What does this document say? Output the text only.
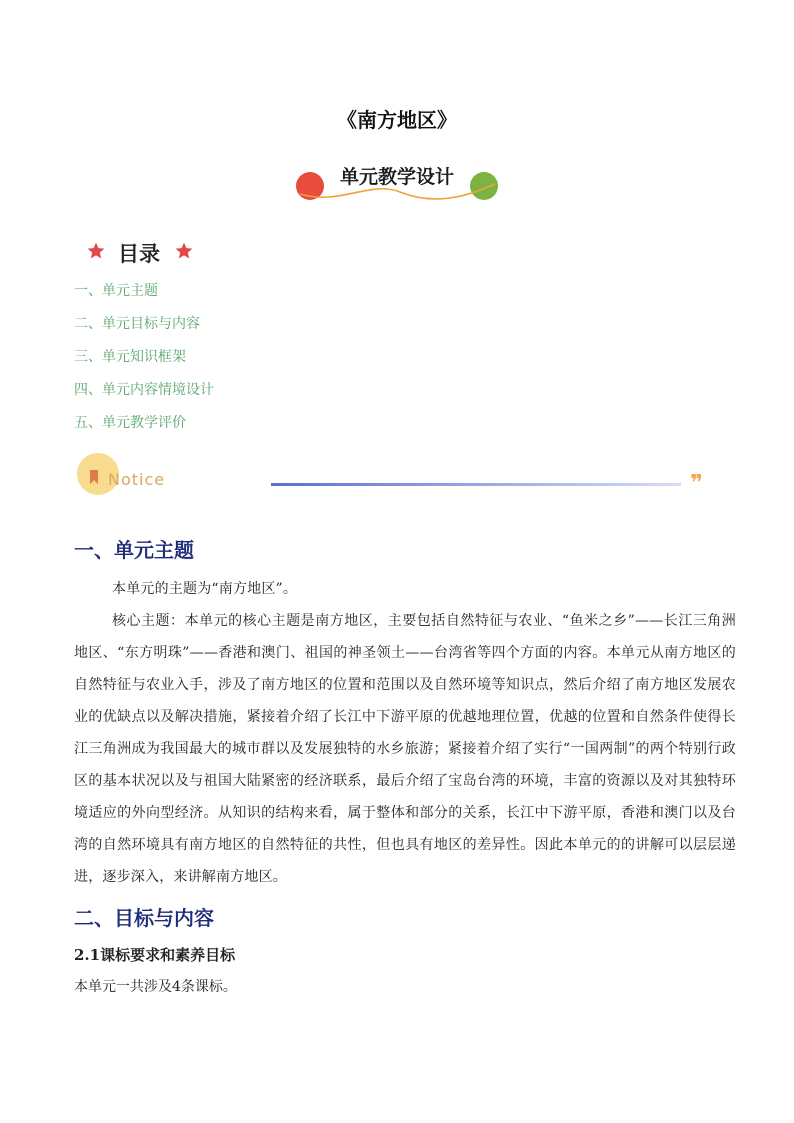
《南方地区》
单元教学设计
目录
一、单元主题
二、单元目标与内容
三、单元知识框架
四、单元内容情境设计
五、单元教学评价
❞
Notice
一、单元主题

本单元的主题为“南方地区”。

核心主题：本单元的核心主题是南方地区，主要包括自然特征与农业、“鱼米之乡”——长江三角洲地区、“东方明珠”——香港和澳门、祖国的神圣领土——台湾省等四个方面的内容。本单元从南方地区的自然特征与农业入手，涉及了南方地区的位置和范围以及自然环境等知识点，然后介绍了南方地区发展农业的优缺点以及解决措施，紧接着介绍了长江中下游平原的优越地理位置，优越的位置和自然条件使得长江三角洲成为我国最大的城市群以及发展独特的水乡旅游；紧接着介绍了实行“一国两制”的两个特别行政区的基本状况以及与祖国大陆紧密的经济联系，最后介绍了宝岛台湾的环境，丰富的资源以及对其独特环境适应的外向型经济。从知识的结构来看，属于整体和部分的关系，长江中下游平原，香港和澳门以及台湾的自然环境具有南方地区的自然特征的共性，但也具有地区的差异性。因此本单元的的讲解可以层层递进，逐步深入，来讲解南方地区。

二、目标与内容
2.1课标要求和素养目标
本单元一共涉及4条课标。
